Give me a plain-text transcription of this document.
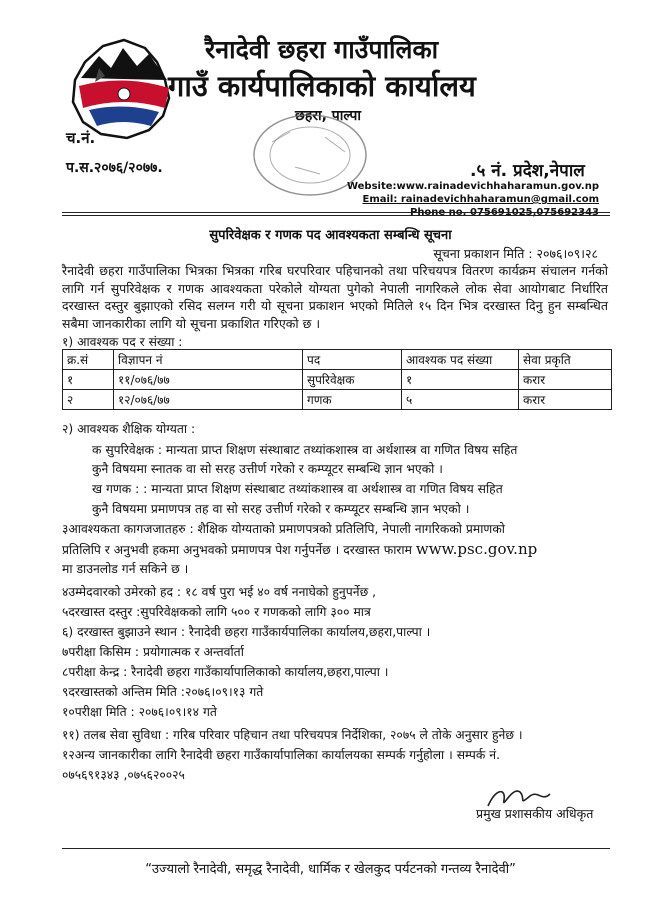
रैनादेवी छहरा गाउँपालिका
गाउँ कार्यपालिकाको कार्यालय
छहरा, पाल्पा
च.नं.
प.स.२०७६/२०७७.	.५ नं. प्रदेश,नेपाल
Website:www.rainadevichhaharamun.gov.np
Email: rainadevichhaharamun@gmail.com
Phone no. 075691025,075692343
सुपरिवेक्षक र गणक पद आवश्यकता सम्बन्धि सूचना
सूचना प्रकाशन मिति : २०७६।०९।२८
रैनादेवी छहरा गाउँपालिका भित्रका भित्रका गरिब घरपरिवार पहिचानको तथा परिचयपत्र वितरण कार्यक्रम संचालन गर्नको लागि गर्न सुपरिवेक्षक र गणक आवश्यकता परेकोले योग्यता पुगेको नेपाली नागरिकले लोक सेवा आयोगबाट निर्धारित दरखास्त दस्तुर बुझाएको रसिद सलग्न गरी यो सूचना प्रकाशन भएको मितिले १५ दिन भित्र दरखास्त दिनु हुन सम्बन्धित सबैमा जानकारीका लागि यो सूचना प्रकाशित गरिएको छ ।
१) आवश्यक पद र संख्या :
क्र.सं	विज्ञापन नं	पद	आवश्यक पद संख्या	सेवा प्रकृति
१	११/०७६/७७	सुपरिवेक्षक	१	करार
२	१२/०७६/७७	गणक	५	करार
२) आवश्यक शैक्षिक योग्यता :
क सुपरिवेक्षक : मान्यता प्राप्त शिक्षण संस्थाबाट तथ्यांकशास्त्र वा अर्थशास्त्र वा गणित विषय सहित
कुनै विषयमा स्नातक वा सो सरह उत्तीर्ण गरेको र कम्प्यूटर सम्बन्धि ज्ञान भएको ।
ख गणक : : मान्यता प्राप्त शिक्षण संस्थाबाट तथ्यांकशास्त्र वा अर्थशास्त्र वा गणित विषय सहित
कुनै विषयमा प्रमाणपत्र तह वा सो सरह उत्तीर्ण गरेको र कम्प्यूटर सम्बन्धि ज्ञान भएको ।
३आवश्यकता कागजजातहरु : शैक्षिक योग्यताको प्रमाणपत्रको प्रतिलिपि, नेपाली नागरिकको प्रमाणको
प्रतिलिपि र अनुभवी हकमा अनुभवको प्रमाणपत्र पेश गर्नुपर्नेछ । दरखास्त फाराम www.psc.gov.np
मा डाउनलोड गर्न सकिने छ ।
४उम्मेदवारको उमेरको हद : १८ वर्ष पुरा भई ४० वर्ष ननाघेको हुनुपर्नेछ ,
५दरखास्त दस्तुर :सुपरिवेक्षकको लागि ५०० र गणकको लागि ३०० मात्र
६) दरखास्त बुझाउने स्थान : रैनादेवी छहरा गाउँकार्यपालिका कार्यालय,छहरा,पाल्पा ।
७परीक्षा किसिम : प्रयोगात्मक र अन्तर्वार्ता
८परीक्षा केन्द्र : रैनादेवी छहरा गाउँकार्यापालिकाको कार्यालय,छहरा,पाल्पा ।
९दरखास्तको अन्तिम मिति :२०७६।०९।१३ गते
१०परीक्षा मिति : २०७६।०९।१४ गते
११) तलब सेवा सुविधा : गरिब परिवार पहिचान तथा परिचयपत्र निर्देशिका, २०७५ ले तोके अनुसार हुनेछ ।
१२अन्य जानकारीका लागि रैनादेवी छहरा गाउँकार्यापालिका कार्यालयका सम्पर्क गर्नुहोला । सम्पर्क नं.
०७५६९१३४३ ,०७५६२००२५
प्रमुख प्रशासकीय अधिकृत
“उज्यालो रैनादेवी, समृद्ध रैनादेवी, धार्मिक र खेलकुद पर्यटनको गन्तव्य रैनादेवी”
